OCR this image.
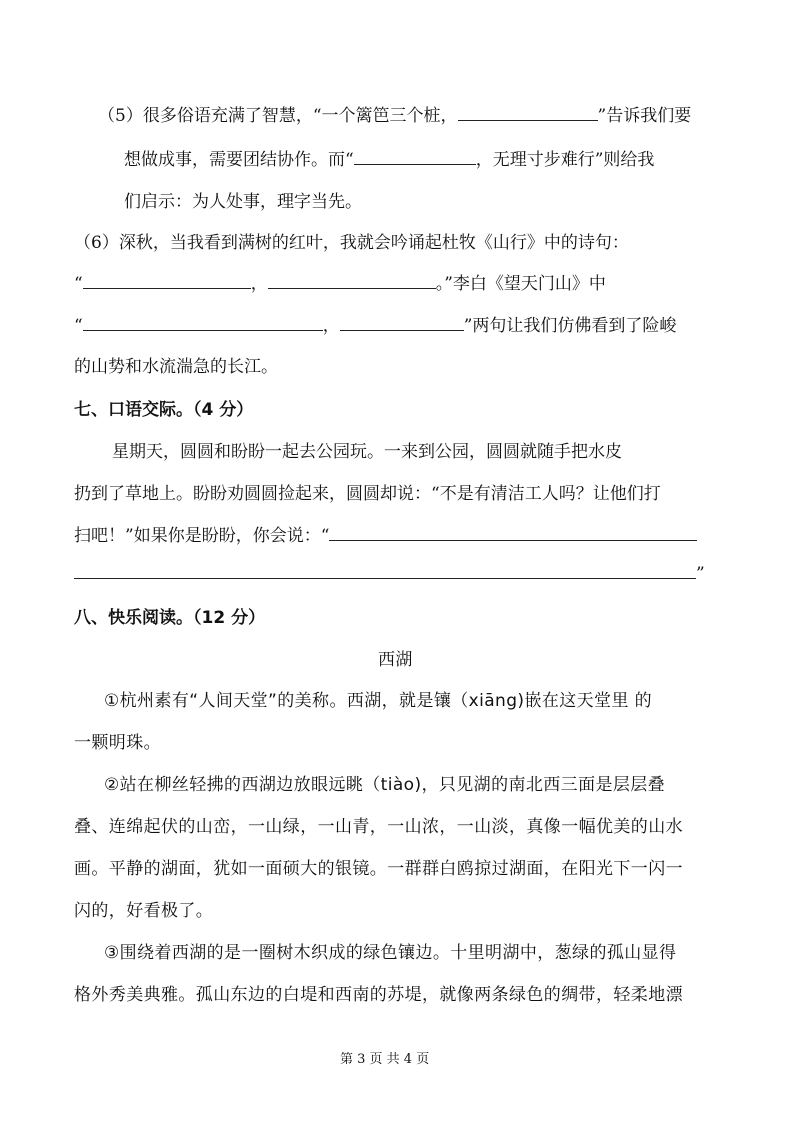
（5）很多俗语充满了智慧，“一个篱笆三个桩，	”告诉我们要
想做成事，需要团结协作。而“	，无理寸步难行”则给我
们启示：为人处事，理字当先。
（6）深秋，当我看到满树的红叶，我就会吟诵起杜牧《山行》中的诗句：
“	，	。”李白《望天门山》中
“	，	”两句让我们仿佛看到了险峻
的山势和水流湍急的长江。
七、口语交际。（4 分）
星期天，圆圆和盼盼一起去公园玩。一来到公园，圆圆就随手把水皮
扔到了草地上。盼盼劝圆圆捡起来，圆圆却说：“不是有清洁工人吗？让他们打
扫吧！”如果你是盼盼，你会说：“
”
八、快乐阅读。（12 分）
西湖
①杭州素有“人间天堂”的美称。西湖，就是镶（xiāng)嵌在这天堂里 的
一颗明珠。
②站在柳丝轻拂的西湖边放眼远眺（tiào)，只见湖的南北西三面是层层叠
叠、连绵起伏的山峦，一山绿，一山青，一山浓，一山淡，真像一幅优美的山水
画。平静的湖面，犹如一面硕大的银镜。一群群白鸥掠过湖面，在阳光下一闪一
闪的，好看极了。
③围绕着西湖的是一圈树木织成的绿色镶边。十里明湖中，葱绿的孤山显得
格外秀美典雅。孤山东边的白堤和西南的苏堤，就像两条绿色的绸带，轻柔地漂
第 3 页 共 4 页
